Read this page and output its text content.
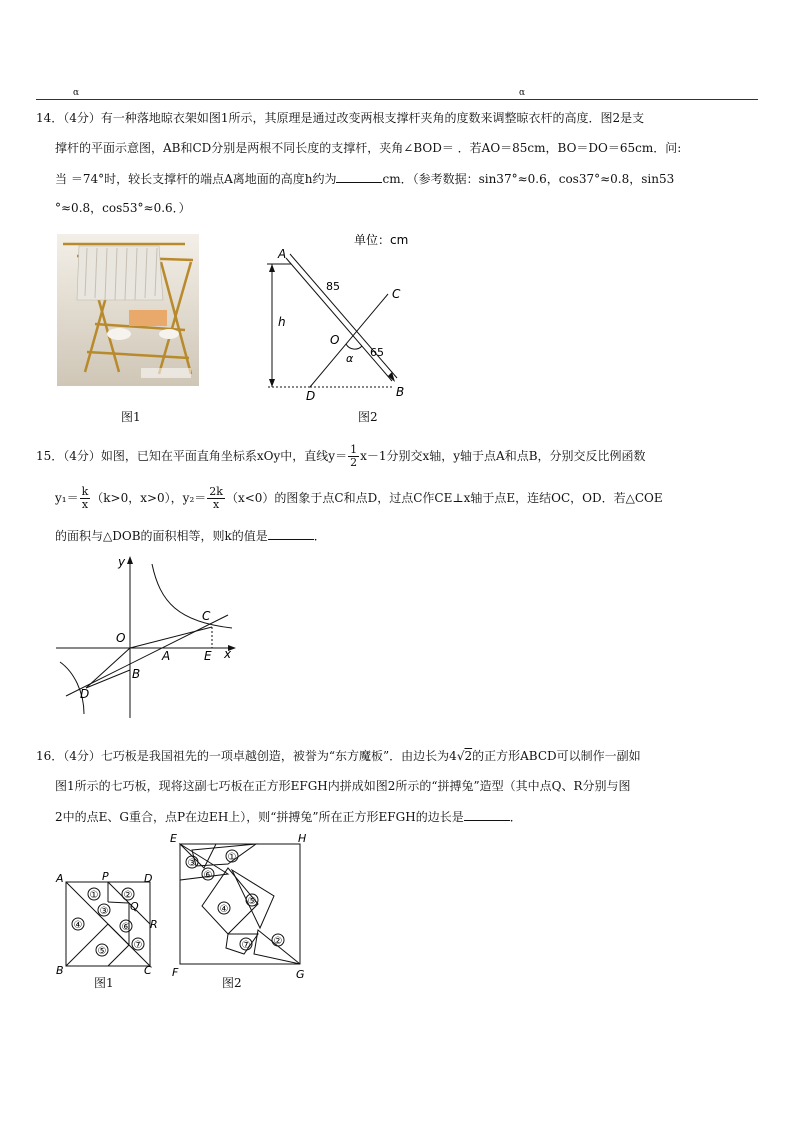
α	α
14．（4分）有一种落地晾衣架如图1所示，其原理是通过改变两根支撑杆夹角的度数来调整晾衣杆的高度．图2是支
撑杆的平面示意图，AB和CD分别是两根不同长度的支撑杆，夹角∠BOD＝ ．若AO＝85cm，BO＝DO＝65cm．问:
当 ＝74°时，较长支撑杆的端点A离地面的高度h约为	cm．（参考数据：sin37°≈0.6，cos37°≈0.8，sin53
°≈0.8，cos53°≈0.6．）
图1
单位：cm
A
C
O
D	B
h
α
85
65
图2
15．（4分）如图，已知在平面直角坐标系xOy中，直线$y= \frac{1}{2} x-1$分别交x轴，y轴于点A和点B，分别交反比例函数
$y_1= \frac{k}{x} (k>0$，x>0），$y_2= \frac{2k}{x} (x<0)$的图象于点C和点D，过点C作CE⊥x轴于点E，连结OC，OD．若△COE
的面积与△DOB的面积相等，则k的值是	．
y
x
O
A
B
C
E
D
16．（4分）七巧板是我国祖先的一项卓越创造，被誉为“东方魔板”．由边长为4√2的正方形ABCD可以制作一副如
图1所示的七巧板，现将这副七巧板在正方形EFGH内拼成如图2所示的“拼搏兔”造型（其中点Q、R分别与图
2中的点E、G重合，点P在边EH上），则“拼搏兔”所在正方形EFGH的边长是	．
①	②
③
④
⑤
⑥
⑦
A	P	D
Q
R
B	C
图1
③
①
⑥
④
⑤
⑦ ②
E	H
F	G
图2
